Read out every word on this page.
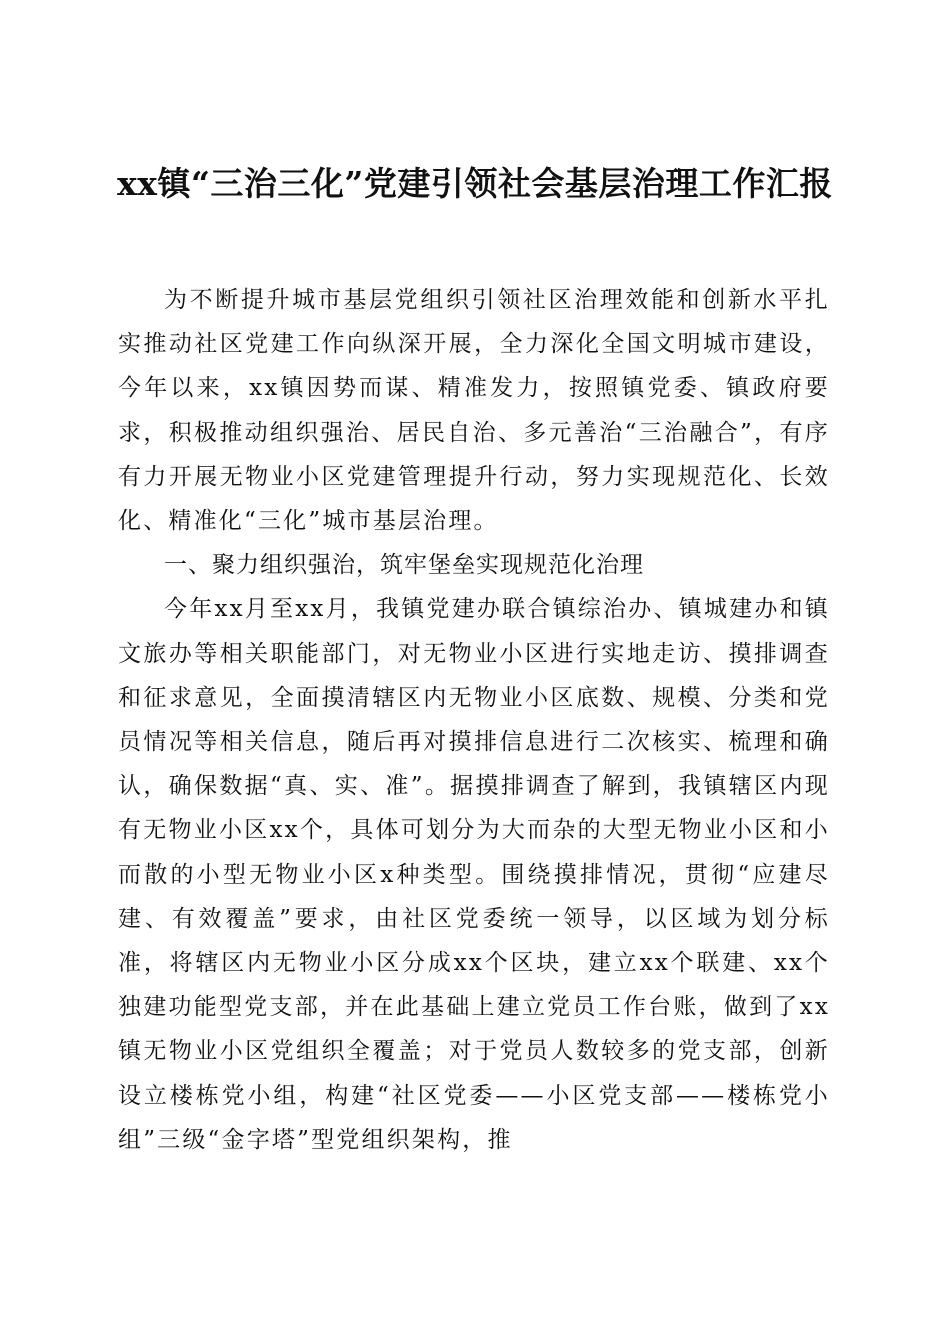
xx镇“三治三化”党建引领社会基层治理工作汇报

为不断提升城市基层党组织引领社区治理效能和创新水平扎实推动社区党建工作向纵深开展，全力深化全国文明城市建设，今年以来，xx镇因势而谋、精准发力，按照镇党委、镇政府要求，积极推动组织强治、居民自治、多元善治“三治融合”，有序有力开展无物业小区党建管理提升行动，努力实现规范化、长效化、精准化“三化”城市基层治理。

一、聚力组织强治，筑牢堡垒实现规范化治理

今年xx月至xx月，我镇党建办联合镇综治办、镇城建办和镇文旅办等相关职能部门，对无物业小区进行实地走访、摸排调查和征求意见，全面摸清辖区内无物业小区底数、规模、分类和党员情况等相关信息，随后再对摸排信息进行二次核实、梳理和确认，确保数据“真、实、准”。据摸排调查了解到，我镇辖区内现有无物业小区xx个，具体可划分为大而杂的大型无物业小区和小而散的小型无物业小区x种类型。围绕摸排情况，贯彻“应建尽建、有效覆盖”要求，由社区党委统一领导，以区域为划分标准，将辖区内无物业小区分成xx个区块，建立xx个联建、xx个独建功能型党支部，并在此基础上建立党员工作台账，做到了xx镇无物业小区党组织全覆盖；对于党员人数较多的党支部，创新设立楼栋党小组，构建“社区党委——小区党支部——楼栋党小组”三级“金字塔”型党组织架构，推
